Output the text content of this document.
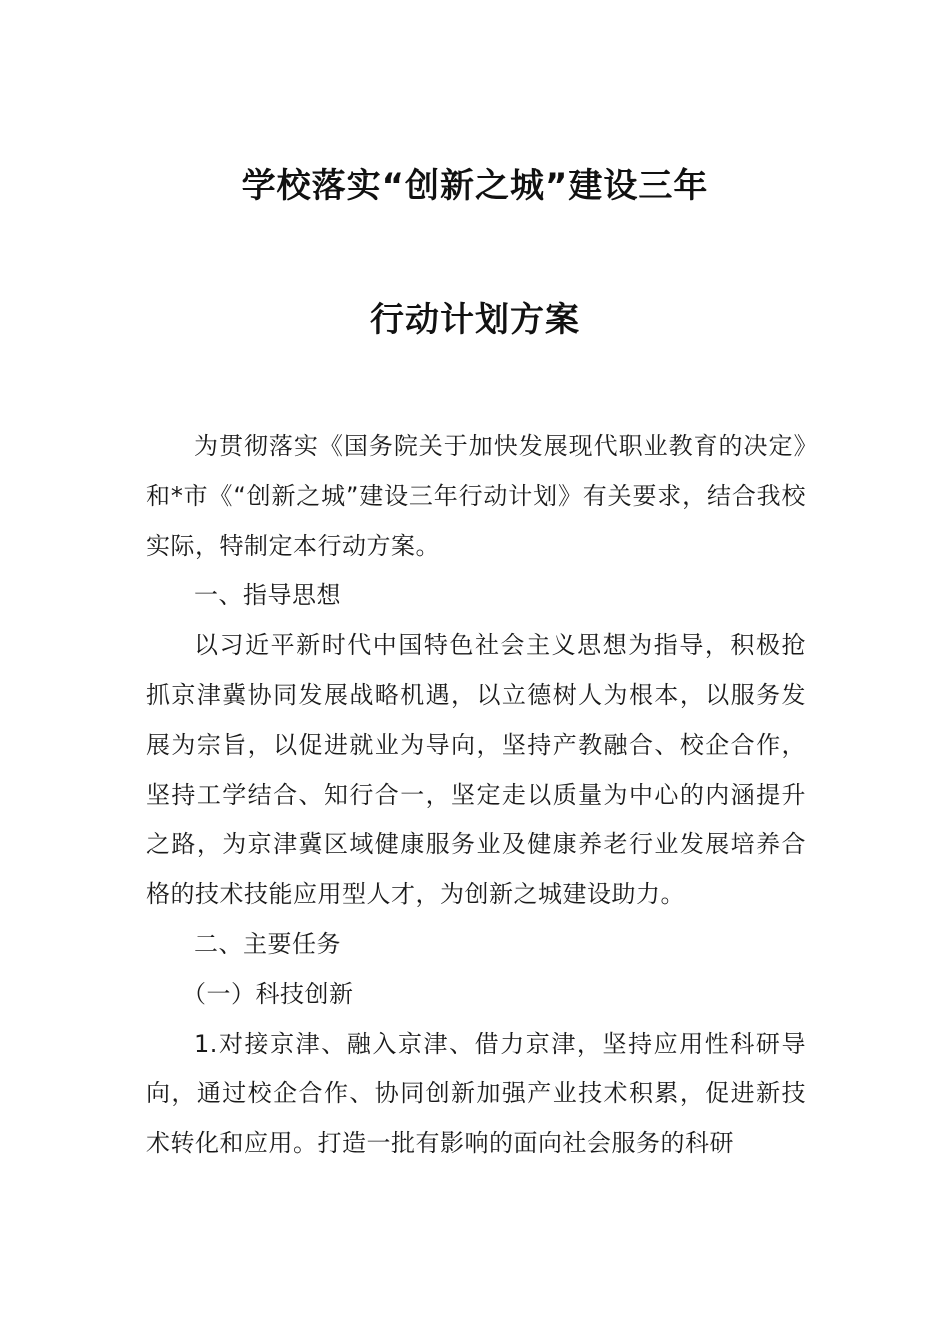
学校落实“创新之城”建设三年
行动计划方案

为贯彻落实《国务院关于加快发展现代职业教育的决定》和*市《“创新之城”建设三年行动计划》有关要求，结合我校实际，特制定本行动方案。

一、指导思想

以习近平新时代中国特色社会主义思想为指导，积极抢抓京津冀协同发展战略机遇，以立德树人为根本，以服务发展为宗旨，以促进就业为导向，坚持产教融合、校企合作，坚持工学结合、知行合一，坚定走以质量为中心的内涵提升之路，为京津冀区域健康服务业及健康养老行业发展培养合格的技术技能应用型人才，为创新之城建设助力。

二、主要任务

（一）科技创新

1.对接京津、融入京津、借力京津，坚持应用性科研导向，通过校企合作、协同创新加强产业技术积累，促进新技术转化和应用。打造一批有影响的面向社会服务的科研
